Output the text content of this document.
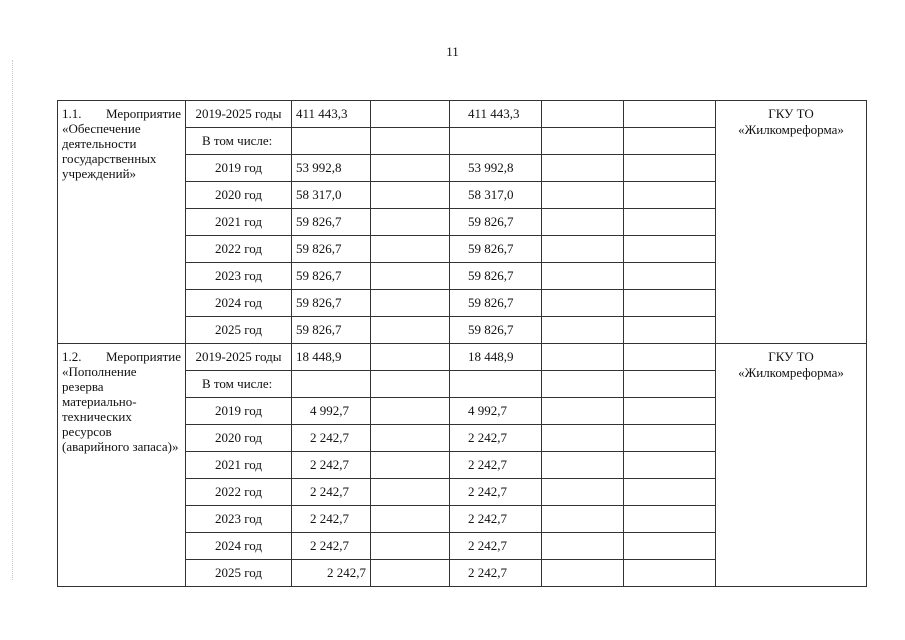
11
1.1. Мероприятие
«Обеспечение деятельности государственных учреждений»	2019-2025 годы	411 443,3		411 443,3			ГКУ ТО «Жилкомреформа»
	В том числе:						
	2019 год	53 992,8		53 992,8			
	2020 год	58 317,0		58 317,0			
	2021 год	59 826,7		59 826,7			
	2022 год	59 826,7		59 826,7			
	2023 год	59 826,7		59 826,7			
	2024 год	59 826,7		59 826,7			
	2025 год	59 826,7		59 826,7			

1.2. Мероприятие
«Пополнение резерва материально-технических ресурсов (аварийного запаса)»	2019-2025 годы	18 448,9		18 448,9			ГКУ ТО «Жилкомреформа»
	В том числе:						
	2019 год	4 992,7		4 992,7			
	2020 год	2 242,7		2 242,7			
	2021 год	2 242,7		2 242,7			
	2022 год	2 242,7		2 242,7			
	2023 год	2 242,7		2 242,7			
	2024 год	2 242,7		2 242,7			
	2025 год	2 242,7		2 242,7			
